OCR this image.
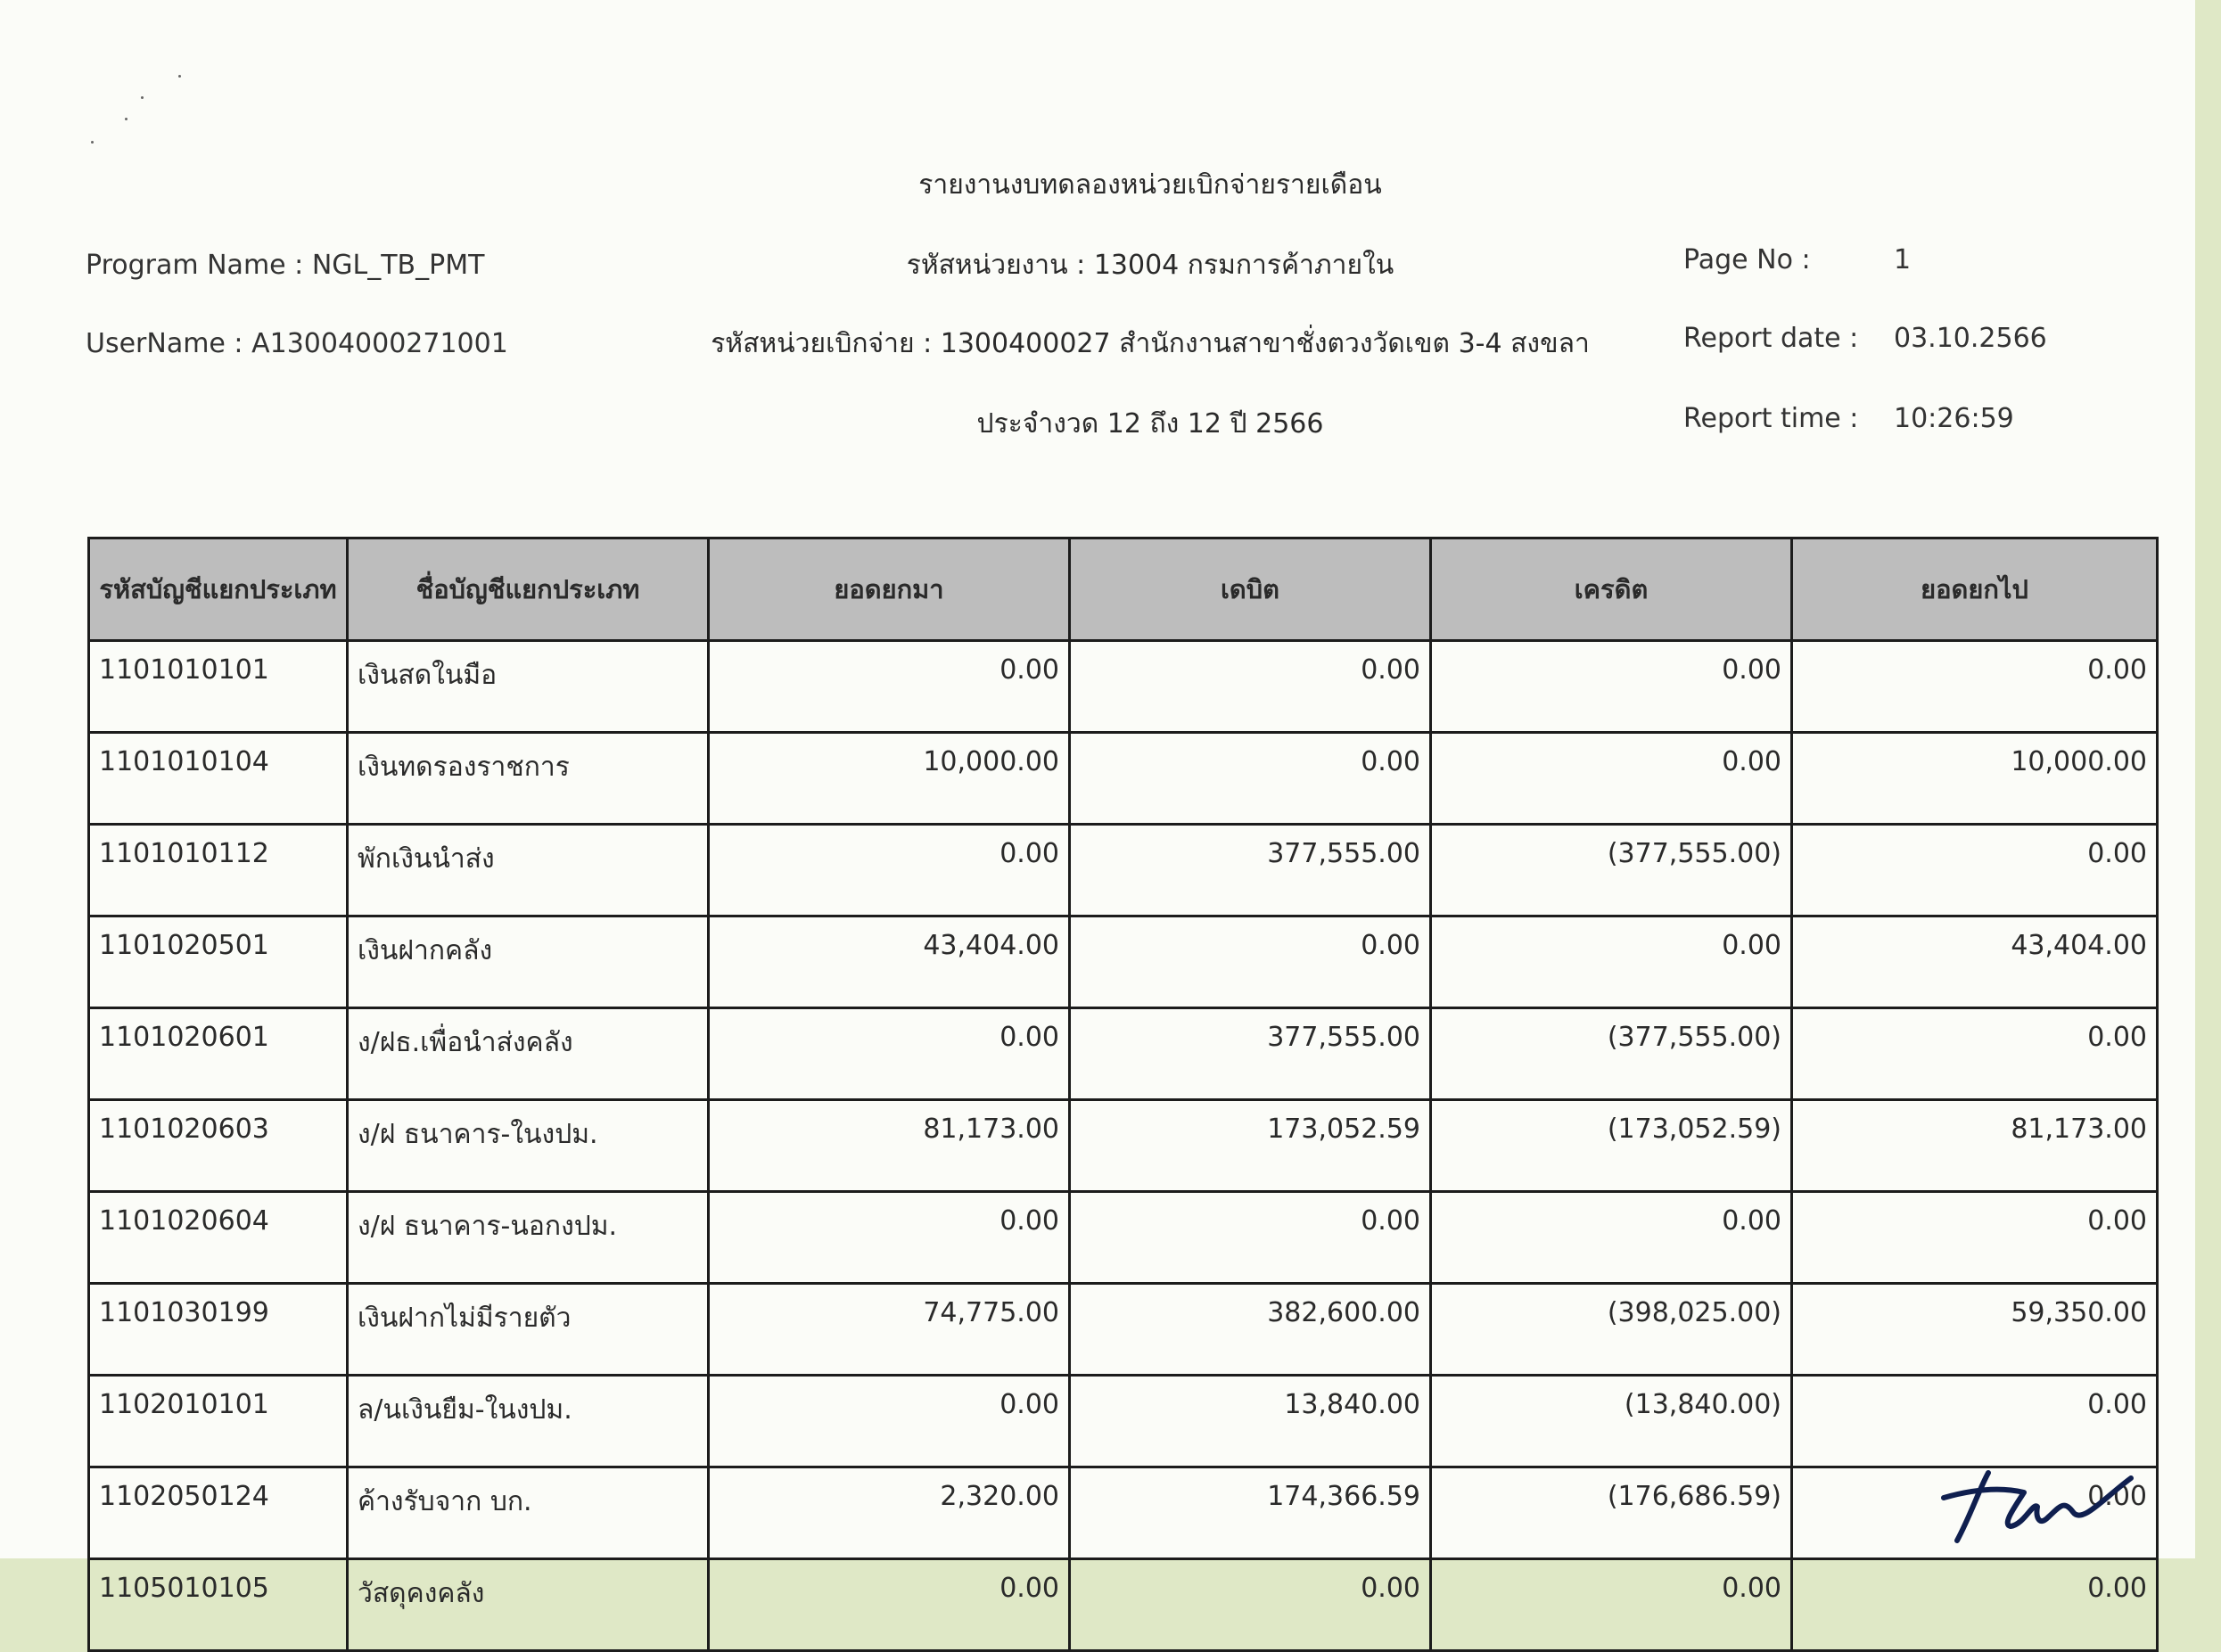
รายงานงบทดลองหน่วยเบิกจ่ายรายเดือน
รหัสหน่วยงาน : 13004 กรมการค้าภายใน
รหัสหน่วยเบิกจ่าย : 1300400027 สำนักงานสาขาชั่งตวงวัดเขต 3-4 สงขลา
ประจำงวด 12 ถึง 12 ปี 2566
Program Name : NGL_TB_PMT
UserName : A13004000271001
Page No :	1
Report date : 03.10.2566
Report time : 10:26:59
รหัสบัญชีแยกประเภท	ชื่อบัญชีแยกประเภท	ยอดยกมา	เดบิต	เครดิต	ยอดยกไป
1101010101	เงินสดในมือ	0.00	0.00	0.00	0.00
1101010104	เงินทดรองราชการ	10,000.00	0.00	0.00	10,000.00
1101010112	พักเงินนำส่ง	0.00	377,555.00	(377,555.00)	0.00
1101020501	เงินฝากคลัง	43,404.00	0.00	0.00	43,404.00
1101020601	ง/ฝธ.เพื่อนำส่งคลัง	0.00	377,555.00	(377,555.00)	0.00
1101020603	ง/ฝ ธนาคาร-ในงปม.	81,173.00	173,052.59	(173,052.59)	81,173.00
1101020604	ง/ฝ ธนาคาร-นอกงปม.	0.00	0.00	0.00	0.00
1101030199	เงินฝากไม่มีรายตัว	74,775.00	382,600.00	(398,025.00)	59,350.00
1102010101	ล/นเงินยืม-ในงปม.	0.00	13,840.00	(13,840.00)	0.00
1102050124	ค้างรับจาก บก.	2,320.00	174,366.59	(176,686.59)	0.00
1105010105	วัสดุคงคลัง	0.00	0.00	0.00	0.00
